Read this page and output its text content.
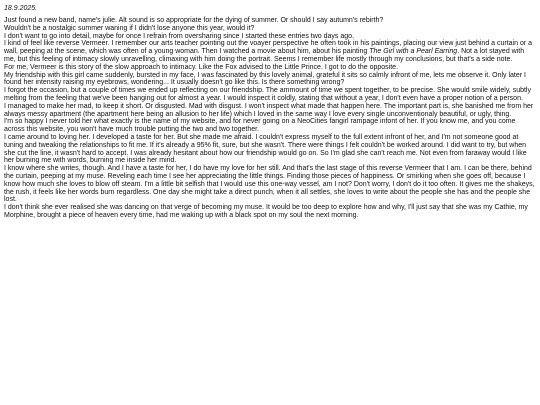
18.9.2025.

Just found a new band, name's julie. Alt sound is so appropriate for the dying of summer. Or should I say autumn's rebirth?

Wouldn't be a nostalgic summer waning if I didn't lose anyone this year, would it?

I don't want to go into detail, maybe for once I refrain from oversharing since I started these entries two days ago.

I kind of feel like reverse Vermeer. I remember our arts teacher pointing out the voayer perspective he often took in his paintings, placing our view just behind a curtain or a wall, peeping at the scene, which was often of a young woman. Then I watched a movie about him, about his painting The Girl with a Pearl Earring. Not a lot stayed with me, but this feeling of intimacy slowly unravelling, climaxing with him doing the portrait. Seems I remember life mostly through my conclusions, but that's a side note.

For me, Vermeer is this story of the slow approach to intimacy. Like the Fox advised to the Little Prince. I got to do the opposite.

My friendship with this girl came suddenly, bursted in my face, I was fascinated by this lovely animal, grateful it sits so calmly infront of me, lets me observe it. Only later I found her intensity raising my eyebrows, wondering... It usually doesn't go like this. Is there something wrong?

I forgot the occasion, but a couple of times we ended up reflecting on our friendship. The ammount of time we spent together, to be precise. She would smile widely, subtly melting from the feeling that we've been hanging out for almost a year. I would inspect it coldly, stating that without a year, I don't even have a proper notion of a person.

I managed to make her mad, to keep it short. Or disgusted. Mad with disgust. I won't inspect what made that happen here. The important part is, she banished me from her always messy apartment (the apartment here being an allusion to her life) which I loved in the same way I love every single unconventionaly beautiful, or ugly, thing.

I'm so happy I never told her what exactly is the name of my website, and for never going on a NeoCities fangirl rampage infont of her. If you know me, and you come across this website, you won't have much trouble putting the two and two together.

I came around to loving her. I developed a taste for her. But she made me afraid. I couldn't express myself to the full extent infront of her, and I'm not someone good at tuning and tweaking the relationships to fit me. If it's already a 95% fit, sure, but she wasn't. There were things I felt couldn't be worked around. I did want to try, but when she cut the line, it wasn't hard to accept. I was already hesitant about how our friendship would go on. So I'm glad she can't reach me. Not even from faraway would I like her burning me with words, burning me inside her mind.

I know where she writes, though. And I have a taste for her, I do have my love for her still. And that's the last stage of this reverse Vermeer that I am. I can be there, behind the curtain, peeping at my muse. Reveling each time I see her appreciating the little things. Finding those pieces of happiness. Or smirking when she goes off, because I know how much she loves to blow off steam. I'm a little bit selfish that I would use this one-way vessel, am I not? Don't worry, I don't do it too often. It gives me the shakeys, the rush, it feels like her words burn regardless. One day she might take a direct punch, when it all settles, she loves to write about the people she has and the people she lost.

I don't think she ever realised she was dancing on that verge of becoming my muse. It would be too deep to explore how and why, I'll just say that she was my Cathie, my Morphine, brought a piece of heaven every time, had me waking up with a black spot on my soul the next morning.
